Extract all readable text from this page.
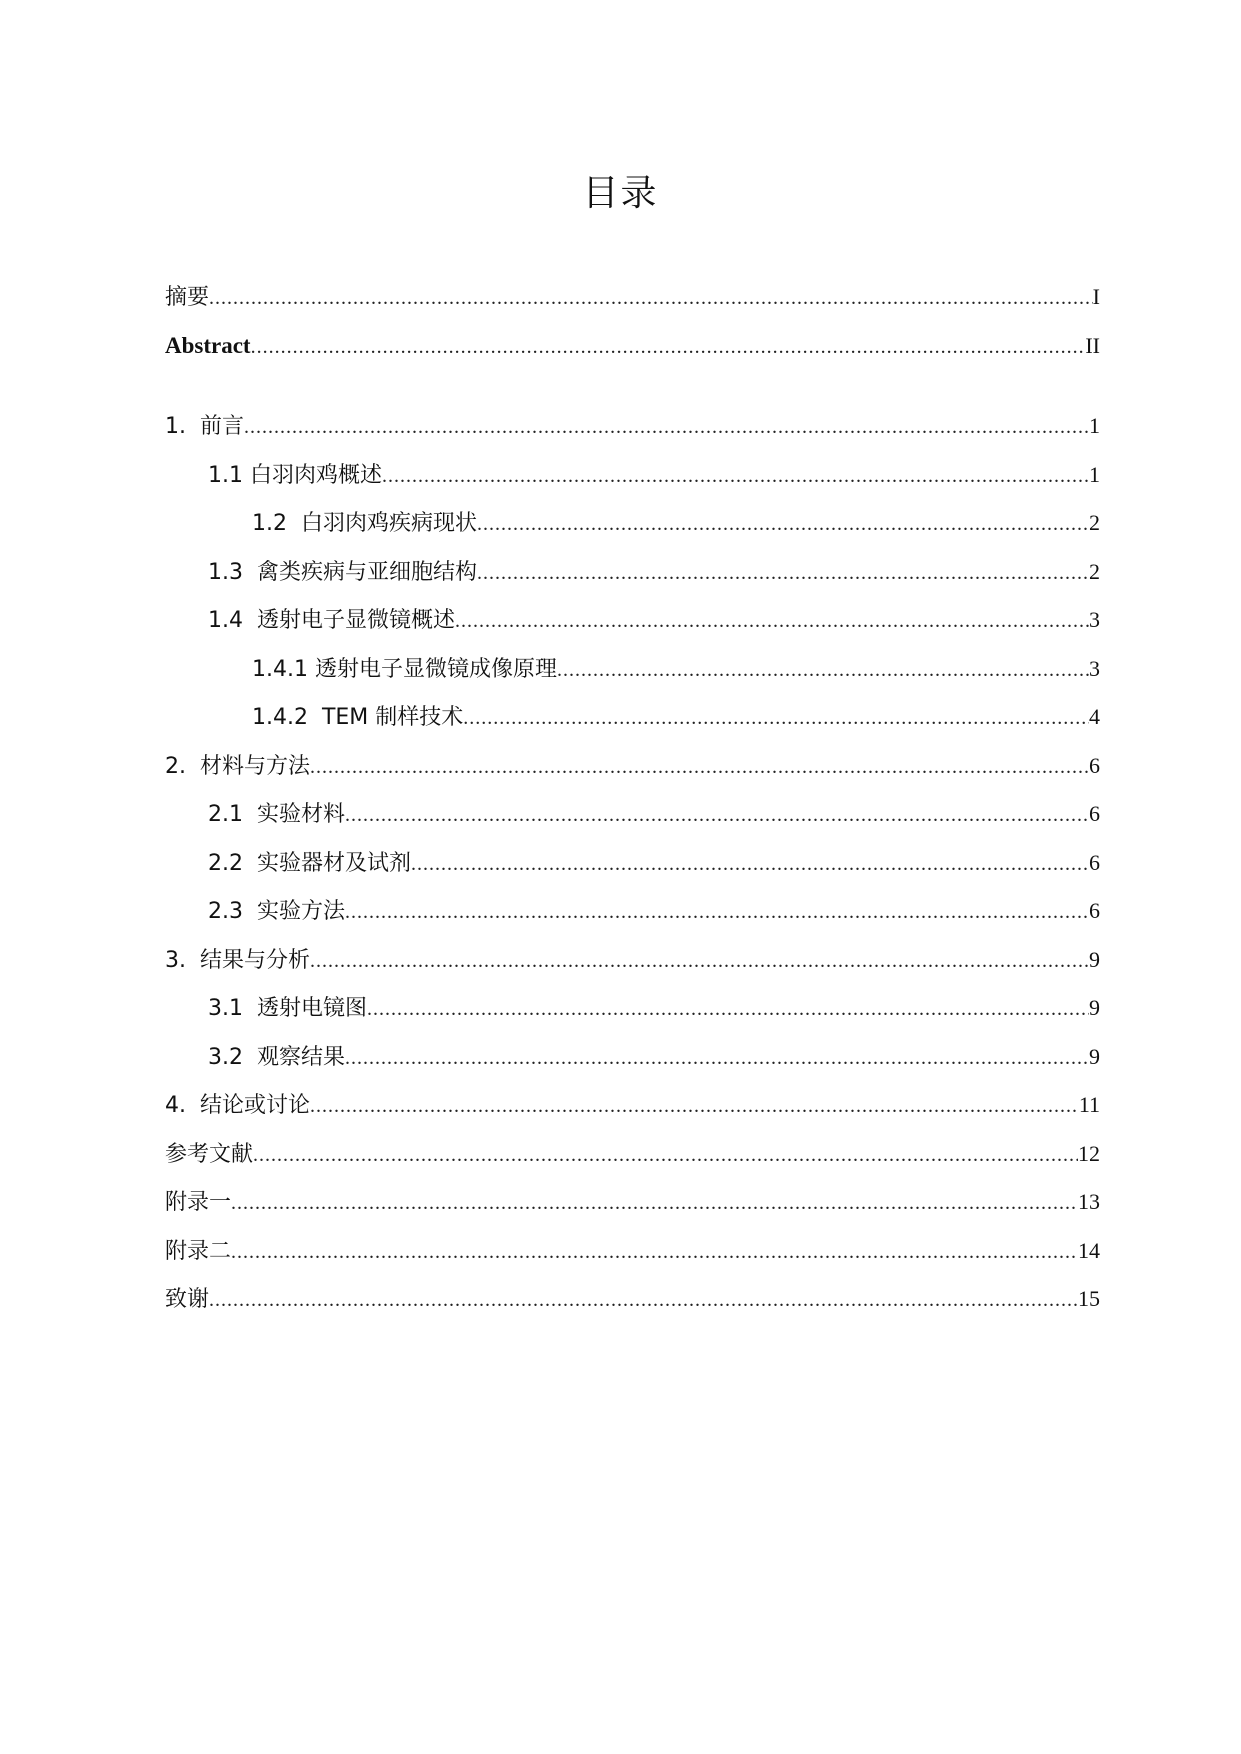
目录
摘要 .....	I
Abstract .....	II
1.  前言 .....	1
1.1 白羽肉鸡概述 .....	1
1.2  白羽肉鸡疾病现状 .....	2
1.3  禽类疾病与亚细胞结构 .....	2
1.4  透射电子显微镜概述 .....	3
1.4.1 透射电子显微镜成像原理 .....	3
1.4.2  TEM 制样技术 .....	4
2.  材料与方法 .....	6
2.1  实验材料 .....	6
2.2  实验器材及试剂 .....	6
2.3  实验方法 .....	6
3.  结果与分析 .....	9
3.1  透射电镜图 .....	9
3.2  观察结果 .....	9
4.  结论或讨论 .....	11
参考文献 .....	12
附录一 .....	13
附录二 .....	14
致谢 .....	15
